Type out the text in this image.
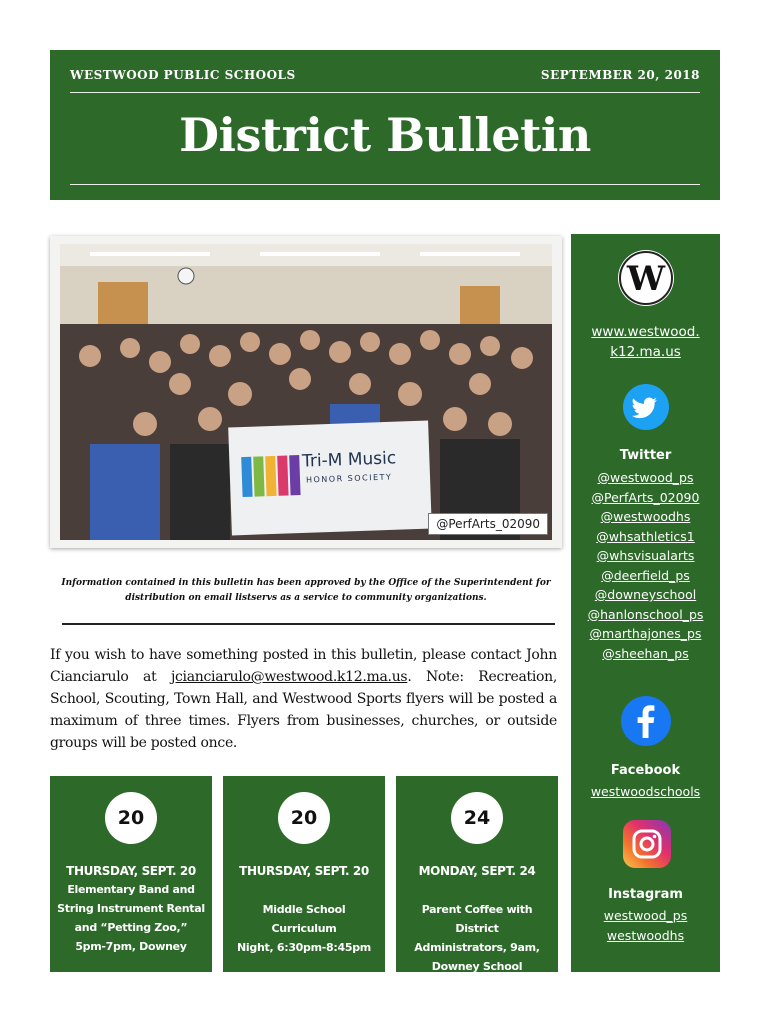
WESTWOOD PUBLIC SCHOOLS	SEPTEMBER 20, 2018
District Bulletin
Tri-M Music
HONOR SOCIETY
@PerfArts_02090
Information contained in this bulletin has been approved by the Office of the Superintendent for distribution on email listservs as a service to community organizations.

If you wish to have something posted in this bulletin, please contact John Cianciarulo at jcianciarulo@westwood.k12.ma.us. Note: Recreation, School, Scouting, Town Hall, and Westwood Sports flyers will be posted a maximum of three times. Flyers from businesses, churches, or outside groups will be posted once.

20
THURSDAY, SEPT. 20
Elementary Band and
String Instrument Rental
and “Petting Zoo,”
5pm-7pm, Downey
20
THURSDAY, SEPT. 20
Middle School Curriculum
Night, 6:30pm-8:45pm
24
MONDAY, SEPT. 24
Parent Coffee with District
Administrators, 9am,
Downey School
W
www.westwood.
k12.ma.us
Twitter
@westwood_ps
@PerfArts_02090
@westwoodhs
@whsathletics1
@whsvisualarts
@deerfield_ps
@downeyschool
@hanlonschool_ps
@marthajones_ps
@sheehan_ps
Facebook
westwoodschools
Instagram
westwood_ps
westwoodhs
